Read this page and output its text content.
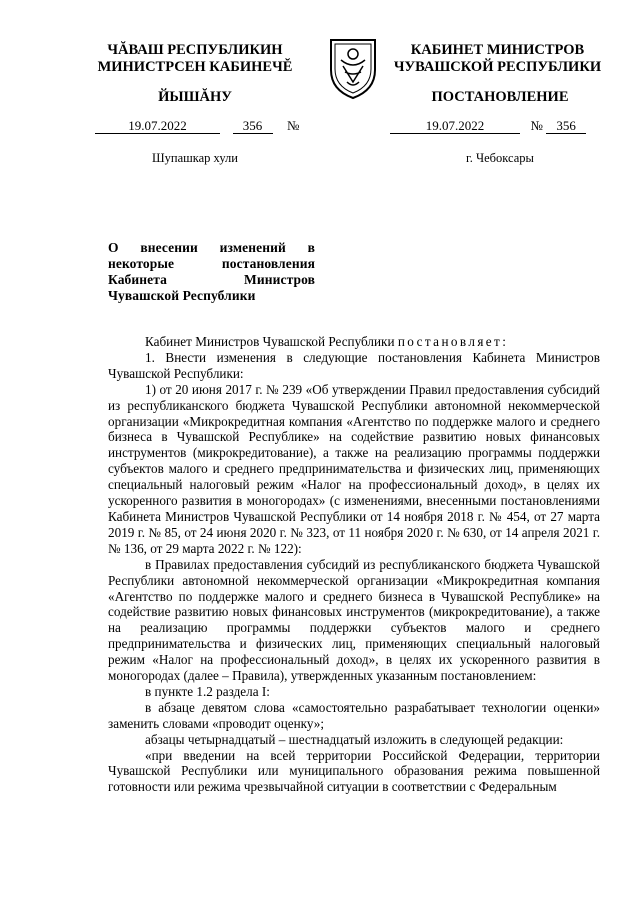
ЧĂВАШ РЕСПУБЛИКИН
МИНИСТРСЕН КАБИНЕЧĔ
ЙЫШĂНУ
КАБИНЕТ МИНИСТРОВ
ЧУВАШСКОЙ РЕСПУБЛИКИ
ПОСТАНОВЛЕНИЕ
19.07.2022	356 №	19.07.2022	№ 356
Шупашкар хули	г. Чебоксары
О внесении изменений в некоторые постановления Кабинета Министров Чувашской Республики

Кабинет Министров Чувашской Республики постановляет:

1. Внести изменения в следующие постановления Кабинета Министров Чувашской Республики:

1) от 20 июня 2017 г. № 239 «Об утверждении Правил предоставления субсидий из республиканского бюджета Чувашской Республики автономной некоммерческой организации «Микрокредитная компания «Агентство по поддержке малого и среднего бизнеса в Чувашской Республике» на содействие развитию новых финансовых инструментов (микрокредитование), а также на реализацию программы поддержки субъектов малого и среднего предпринимательства и физических лиц, применяющих специальный налоговый режим «Налог на профессиональный доход», в целях их ускоренного развития в моногородах» (с изменениями, внесенными постановлениями Кабинета Министров Чувашской Республики от 14 ноября 2018 г. № 454, от 27 марта 2019 г. № 85, от 24 июня 2020 г. № 323, от 11 ноября 2020 г. № 630, от 14 апреля 2021 г. № 136, от 29 марта 2022 г. № 122):

в Правилах предоставления субсидий из республиканского бюджета Чувашской Республики автономной некоммерческой организации «Микрокредитная компания «Агентство по поддержке малого и среднего бизнеса в Чувашской Республике» на содействие развитию новых финансовых инструментов (микрокредитование), а также на реализацию программы поддержки субъектов малого и среднего предпринимательства и физических лиц, применяющих специальный налоговый режим «Налог на профессиональный доход», в целях их ускоренного развития в моногородах (далее – Правила), утвержденных указанным постановлением:

в пункте 1.2 раздела I:

в абзаце девятом слова «самостоятельно разрабатывает технологии оценки» заменить словами «проводит оценку»;

абзацы четырнадцатый – шестнадцатый изложить в следующей редакции:

«при введении на всей территории Российской Федерации, территории Чувашской Республики или муниципального образования режима повышенной готовности или режима чрезвычайной ситуации в соответствии с Федеральным
